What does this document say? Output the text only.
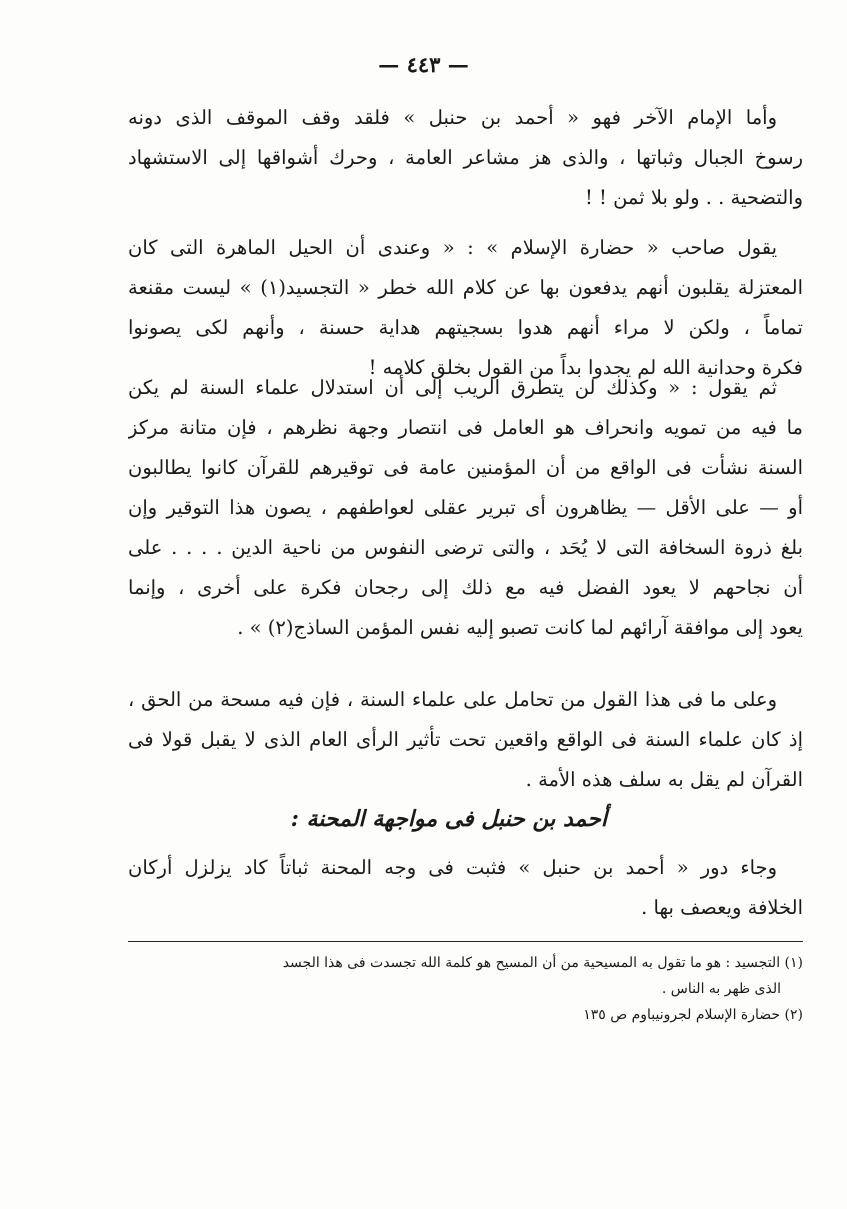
— ٤٤٣ —
وأما الإمام الآخر فهو « أحمد بن حنبل » فلقد وقف الموقف الذى دونه
رسوخ الجبال وثباتها ، والذى هز مشاعر العامة ، وحرك أشواقها إلى الاستشهاد
والتضحية . . ولو بلا ثمن ! !
يقول صاحب « حضارة الإسلام » : « وعندى أن الحيل الماهرة التى كان
المعتزلة يقلبون أنهم يدفعون بها عن كلام الله خطر « التجسيد(١) » ليست مقنعة
تماماً ، ولكن لا مراء أنهم هدوا بسجيتهم هداية حسنة ، وأنهم لكى يصونوا
فكرة وحدانية الله لم يجدوا بداً من القول بخلق كلامه !
ثم يقول : « وكذلك لن يتطرق الريب إلى أن استدلال علماء السنة لم يكن
ما فيه من تمويه وانحراف هو العامل فى انتصار وجهة نظرهم ، فإن متانة مركز
السنة نشأت فى الواقع من أن المؤمنين عامة فى توقيرهم للقرآن كانوا يطالبون
أو — على الأقل — يظاهرون أى تبرير عقلى لعواطفهم ، يصون هذا التوقير وإن
بلغ ذروة السخافة التى لا يُحَد ، والتى ترضى النفوس من ناحية الدين . . . . على
أن نجاحهم لا يعود الفضل فيه مع ذلك إلى رجحان فكرة على أخرى ، وإنما
يعود إلى موافقة آرائهم لما كانت تصبو إليه نفس المؤمن الساذج(٢) » .
وعلى ما فى هذا القول من تحامل على علماء السنة ، فإن فيه مسحة من الحق ،
إذ كان علماء السنة فى الواقع واقعين تحت تأثير الرأى العام الذى لا يقبل قولا فى
القرآن لم يقل به سلف هذه الأمة .
أحمد بن حنبل فى مواجهة المحنة :
وجاء دور « أحمد بن حنبل » فثبت فى وجه المحنة ثباتاً كاد يزلزل أركان
الخلافة ويعصف بها .
(١) التجسيد : هو ما تقول به المسيحية من أن المسيح هو كلمة الله تجسدت فى هذا الجسد
الذى ظهر به الناس .
(٢) حضارة الإسلام لجرونيباوم ص ١٣٥
